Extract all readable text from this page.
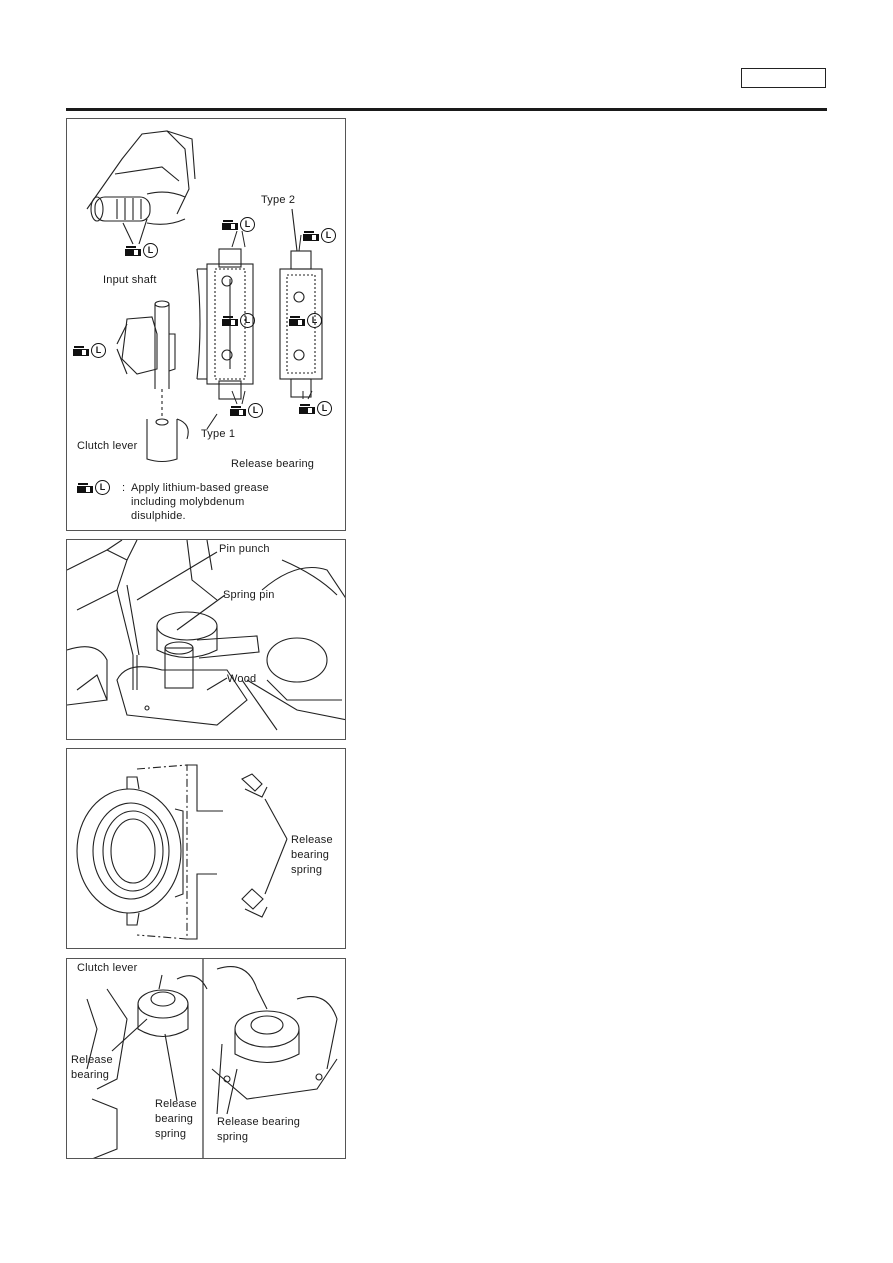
L
Input shaft
L
Clutch lever
Type 2
L
L
L	L
L	L
Type 1
Release bearing
L	: Apply lithium-based grease
including molybdenum
disulphide.
Pin punch
Spring pin
Wood
Release
bearing
spring
Clutch lever
Release
bearing
Release
bearing
spring
Release bearing
spring
